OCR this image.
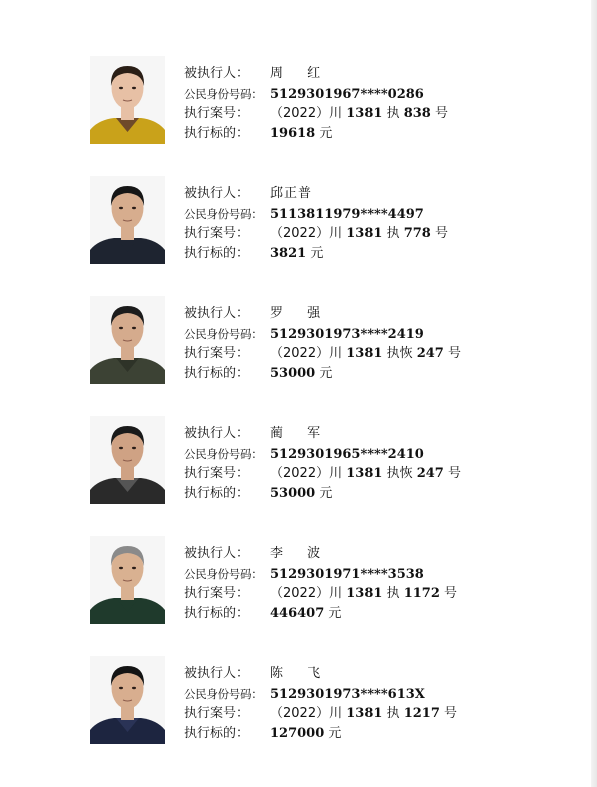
被执行人： 周 红
公民身份号码： 5129301967****0286
执行案号： （2022）川 1381 执 838 号
执行标的： 19618 元
被执行人： 邱正普
公民身份号码： 5113811979****4497
执行案号： （2022）川 1381 执 778 号
执行标的： 3821 元
被执行人： 罗 强
公民身份号码： 5129301973****2419
执行案号： （2022）川 1381 执恢 247 号
执行标的： 53000 元
被执行人： 蔺 军
公民身份号码： 5129301965****2410
执行案号： （2022）川 1381 执恢 247 号
执行标的： 53000 元
被执行人： 李 波
公民身份号码： 5129301971****3538
执行案号： （2022）川 1381 执 1172 号
执行标的： 446407 元
被执行人： 陈 飞
公民身份号码： 5129301973****613X
执行案号： （2022）川 1381 执 1217 号
执行标的： 127000 元
